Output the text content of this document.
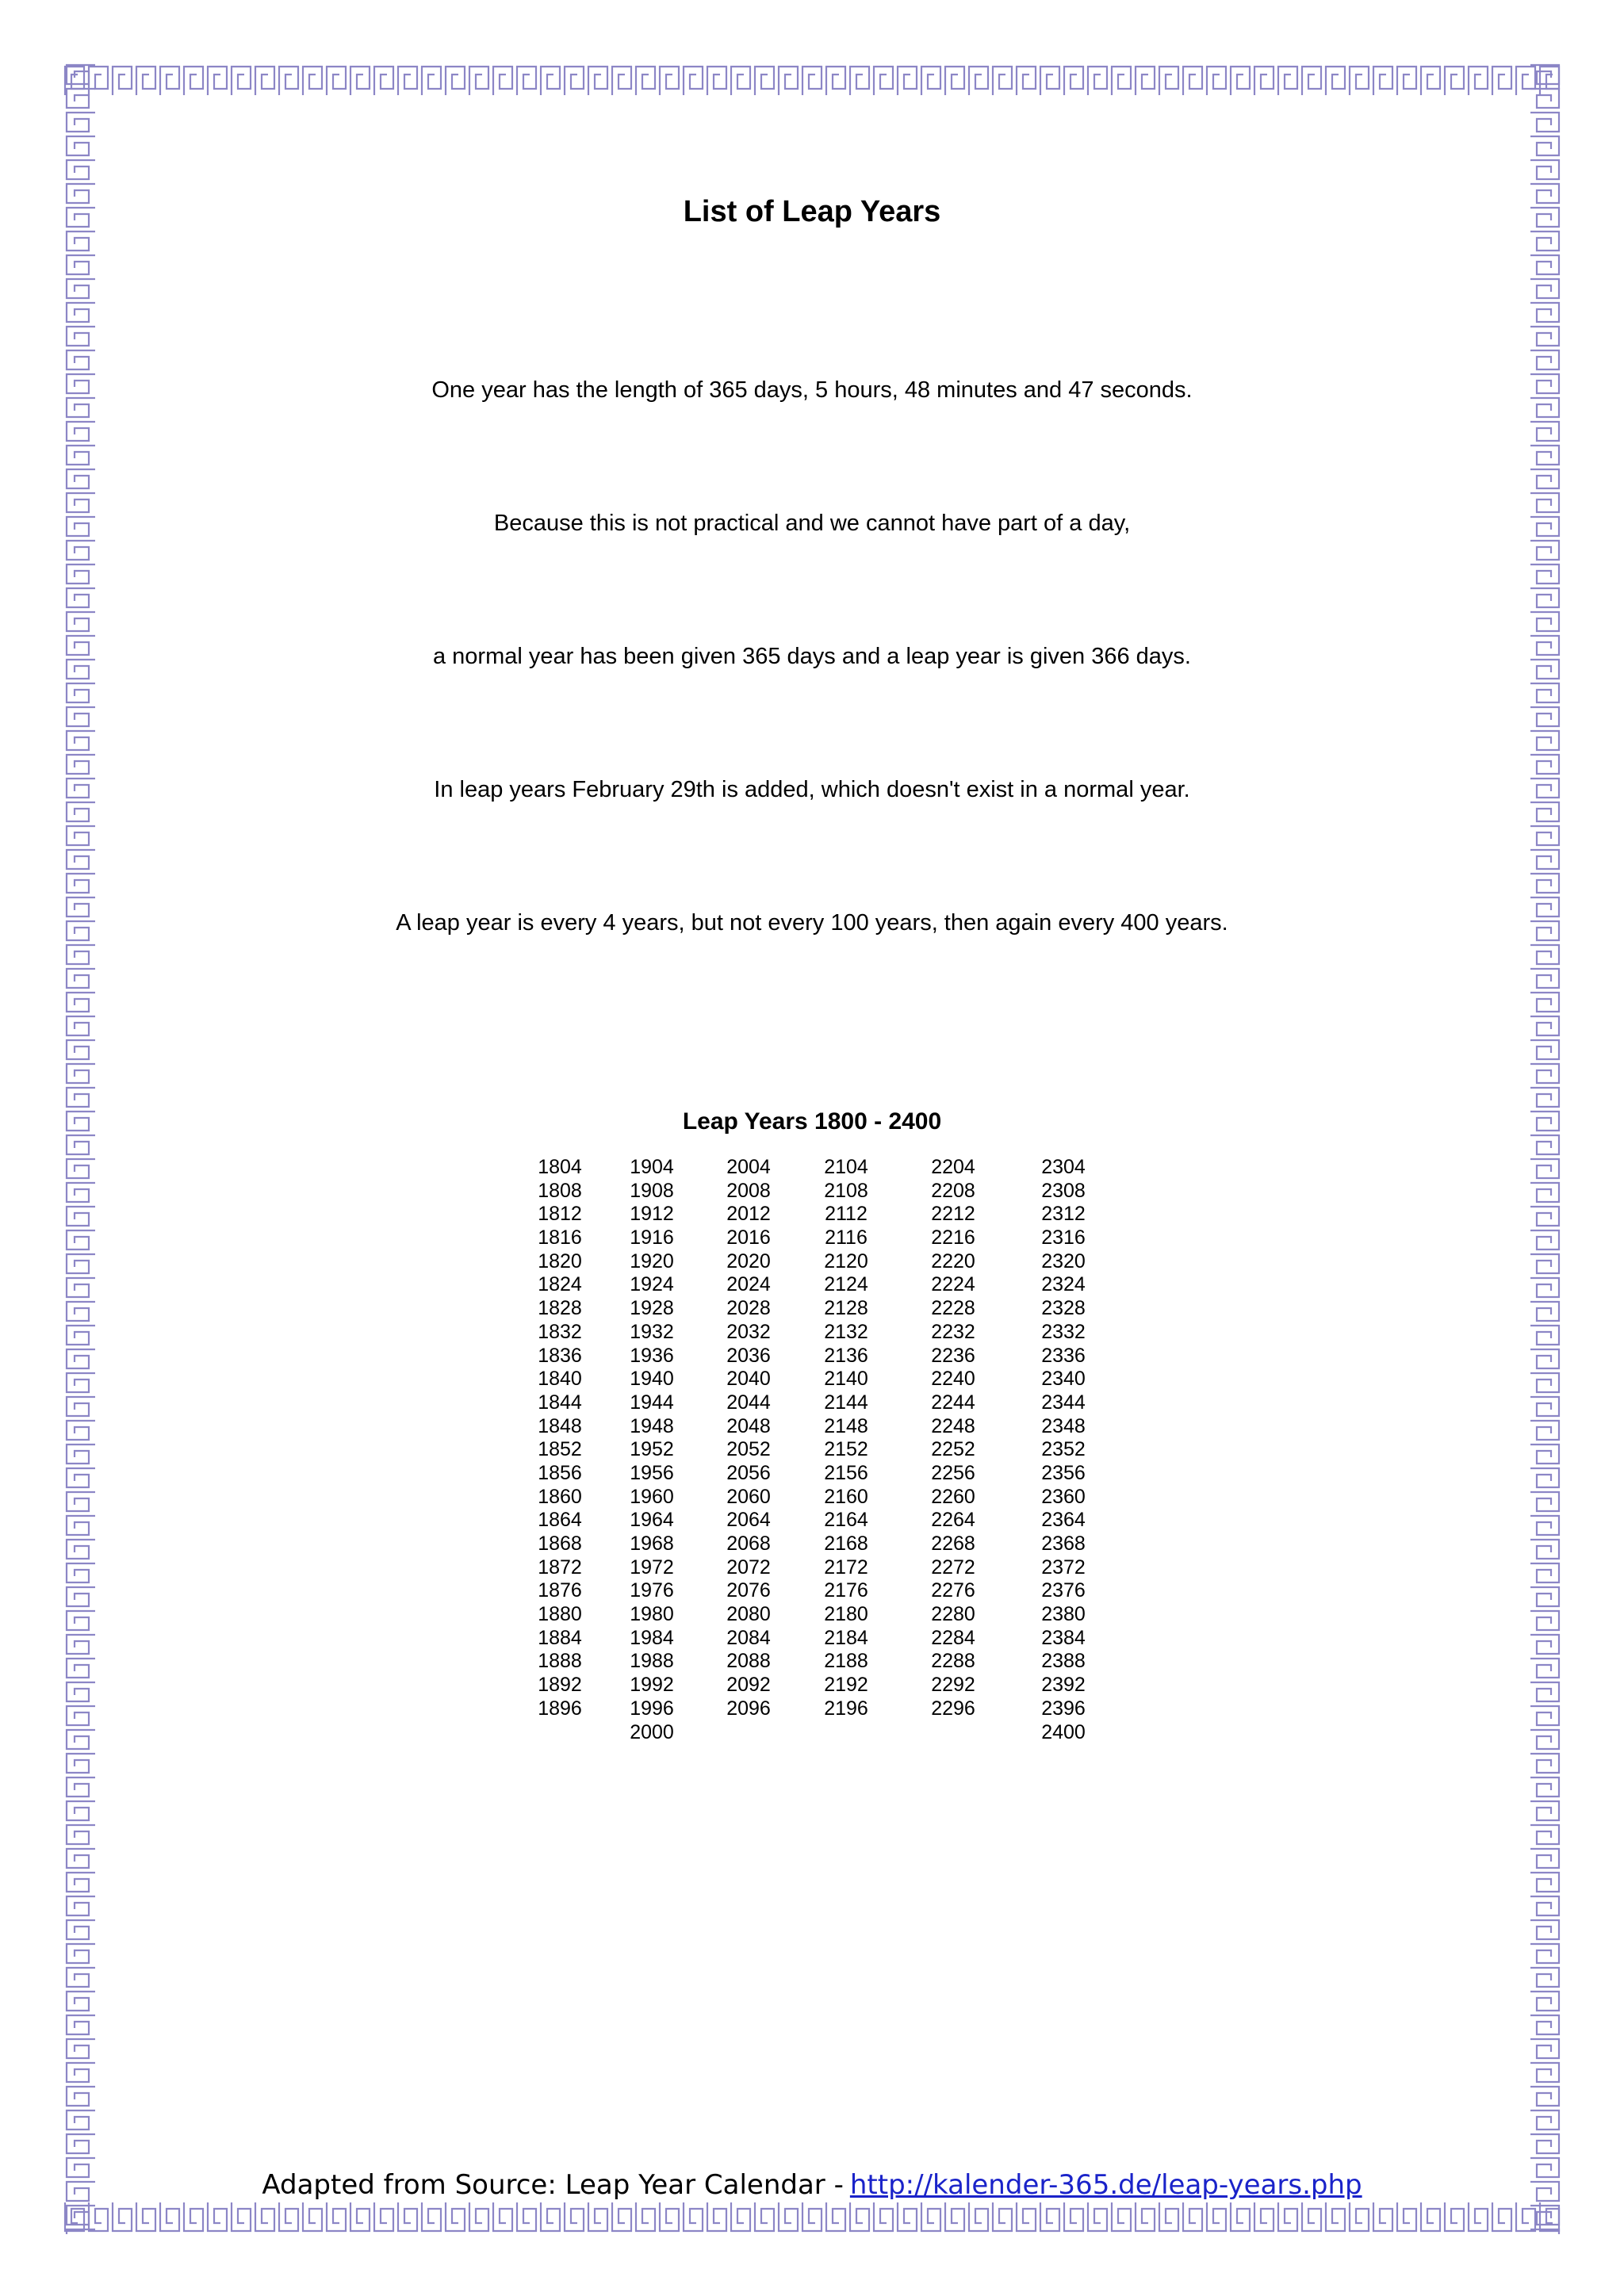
List of Leap Years
One year has the length of 365 days, 5 hours, 48 minutes and 47 seconds.
Because this is not practical and we cannot have part of a day,
a normal year has been given 365 days and a leap year is given 366 days.
In leap years February 29th is added, which doesn't exist in a normal year.
A leap year is every 4 years, but not every 100 years, then again every 400 years.
Leap Years 1800 - 2400
1804
1808
1812
1816
1820
1824
1828
1832
1836
1840
1844
1848
1852
1856
1860
1864
1868
1872
1876
1880
1884
1888
1892
1896
1904
1908
1912
1916
1920
1924
1928
1932
1936
1940
1944
1948
1952
1956
1960
1964
1968
1972
1976
1980
1984
1988
1992
1996
2000
2004
2008
2012
2016
2020
2024
2028
2032
2036
2040
2044
2048
2052
2056
2060
2064
2068
2072
2076
2080
2084
2088
2092
2096
2104
2108
2112
2116
2120
2124
2128
2132
2136
2140
2144
2148
2152
2156
2160
2164
2168
2172
2176
2180
2184
2188
2192
2196
2204
2208
2212
2216
2220
2224
2228
2232
2236
2240
2244
2248
2252
2256
2260
2264
2268
2272
2276
2280
2284
2288
2292
2296
2304
2308
2312
2316
2320
2324
2328
2332
2336
2340
2344
2348
2352
2356
2360
2364
2368
2372
2376
2380
2384
2388
2392
2396
2400
Adapted from Source: Leap Year Calendar - http://kalender-365.de/leap-years.php
